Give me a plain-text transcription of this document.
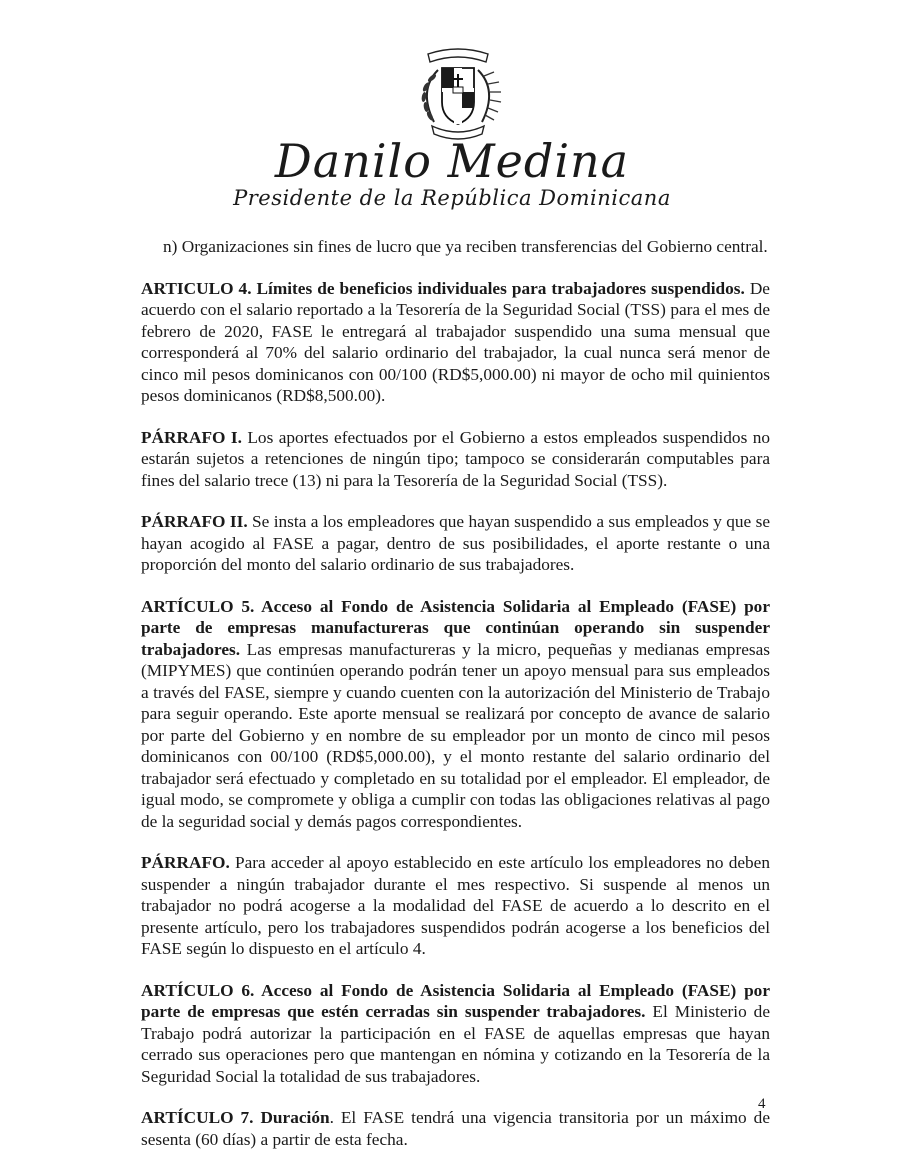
Danilo Medina
Presidente de la República Dominicana

n) Organizaciones sin fines de lucro que ya reciben transferencias del Gobierno central.

ARTICULO 4. Límites de beneficios individuales para trabajadores suspendidos. De acuerdo con el salario reportado a la Tesorería de la Seguridad Social (TSS) para el mes de febrero de 2020, FASE le entregará al trabajador suspendido una suma mensual que corresponderá al 70% del salario ordinario del trabajador, la cual nunca será menor de cinco mil pesos dominicanos con 00/100 (RD$5,000.00) ni mayor de ocho mil quinientos pesos dominicanos (RD$8,500.00).

PÁRRAFO I. Los aportes efectuados por el Gobierno a estos empleados suspendidos no estarán sujetos a retenciones de ningún tipo; tampoco se considerarán computables para fines del salario trece (13) ni para la Tesorería de la Seguridad Social (TSS).

PÁRRAFO II. Se insta a los empleadores que hayan suspendido a sus empleados y que se hayan acogido al FASE a pagar, dentro de sus posibilidades, el aporte restante o una proporción del monto del salario ordinario de sus trabajadores.

ARTÍCULO 5. Acceso al Fondo de Asistencia Solidaria al Empleado (FASE) por parte de empresas manufactureras que continúan operando sin suspender trabajadores. Las empresas manufactureras y la micro, pequeñas y medianas empresas (MIPYMES) que continúen operando podrán tener un apoyo mensual para sus empleados a través del FASE, siempre y cuando cuenten con la autorización del Ministerio de Trabajo para seguir operando. Este aporte mensual se realizará por concepto de avance de salario por parte del Gobierno y en nombre de su empleador por un monto de cinco mil pesos dominicanos con 00/100 (RD$5,000.00), y el monto restante del salario ordinario del trabajador será efectuado y completado en su totalidad por el empleador. El empleador, de igual modo, se compromete y obliga a cumplir con todas las obligaciones relativas al pago de la seguridad social y demás pagos correspondientes.

PÁRRAFO. Para acceder al apoyo establecido en este artículo los empleadores no deben suspender a ningún trabajador durante el mes respectivo. Si suspende al menos un trabajador no podrá acogerse a la modalidad del FASE de acuerdo a lo descrito en el presente artículo, pero los trabajadores suspendidos podrán acogerse a los beneficios del FASE según lo dispuesto en el artículo 4.

ARTÍCULO 6. Acceso al Fondo de Asistencia Solidaria al Empleado (FASE) por parte de empresas que estén cerradas sin suspender trabajadores. El Ministerio de Trabajo podrá autorizar la participación en el FASE de aquellas empresas que hayan cerrado sus operaciones pero que mantengan en nómina y cotizando en la Tesorería de la Seguridad Social la totalidad de sus trabajadores.

ARTÍCULO 7. Duración. El FASE tendrá una vigencia transitoria por un máximo de sesenta (60 días) a partir de esta fecha.

4
